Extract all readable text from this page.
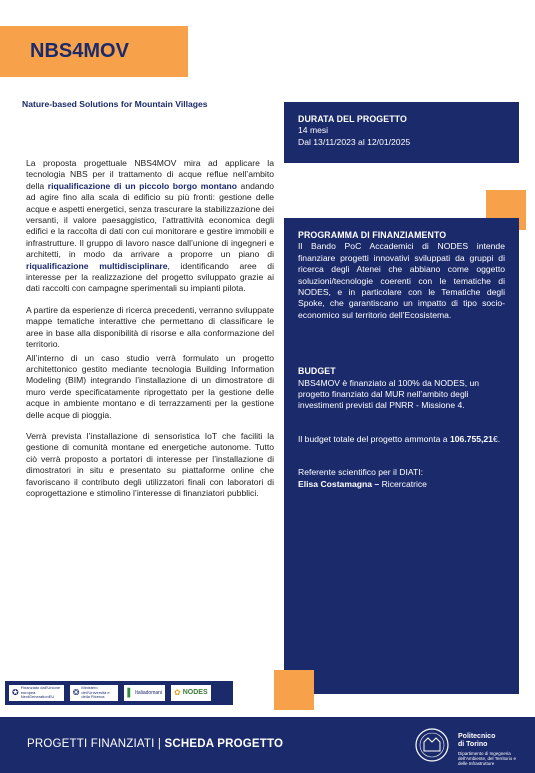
NBS4MOV
Nature-based Solutions for Mountain Villages

La proposta progettuale NBS4MOV mira ad applicare la tecnologia NBS per il trattamento di acque reflue nell’ambito della riqualificazione di un piccolo borgo montano andando ad agire fino alla scala di edificio su più fronti: gestione delle acque e aspetti energetici, senza trascurare la stabilizzazione dei versanti, il valore paesaggistico, l’attrattività economica degli edifici e la raccolta di dati con cui monitorare e gestire immobili e infrastrutture. Il gruppo di lavoro nasce dall’unione di ingegneri e architetti, in modo da arrivare a proporre un piano di riqualificazione multidisciplinare, identificando aree di interesse per la realizzazione del progetto sviluppato grazie ai dati raccolti con campagne sperimentali su impianti pilota.

A partire da esperienze di ricerca precedenti, verranno sviluppate mappe tematiche interattive che permettano di classificare le aree in base alla disponibilità di risorse e alla conformazione del territorio.

All’interno di un caso studio verrà formulato un progetto architettonico gestito mediante tecnologia Building Information Modeling (BIM) integrando l’installazione di un dimostratore di muro verde specificatamente riprogettato per la gestione delle acque in ambiente montano e di terrazzamenti per la gestione delle acque di pioggia.

Verrà prevista l’installazione di sensoristica IoT che faciliti la gestione di comunità montane ed energetiche autonome. Tutto ciò verrà proposto a portatori di interesse per l’installazione di dimostratori in situ e presentato su piattaforme online che favoriscano il contributo degli utilizzatori finali con laboratori di coprogettazione e stimolino l’interesse di finanziatori pubblici.

DURATA DEL PROGETTO

14 mesi

Dal 13/11/2023 al 12/01/2025

PROGRAMMA DI FINANZIAMENTO

Il Bando PoC Accademici di NODES intende finanziare progetti innovativi sviluppati da gruppi di ricerca degli Atenei che abbiano come oggetto soluzioni/tecnologie coerenti con le tematiche di NODES, e in particolare con le Tematiche degli Spoke, che garantiscano un impatto di tipo socio-economico sul territorio dell’Ecosistema.

BUDGET

NBS4MOV è finanziato al 100% da NODES, un progetto finanziato dal MUR nell’ambito degli investimenti previsti dal PNRR - Missione 4.

Il budget totale del progetto ammonta a 106.755,21€.

Referente scientifico per il DIATI:

Elisa Costamagna – Ricercatrice

✪ Finanziato dall’Unione europea NextGenerationEU	❂ Ministero dell’Università e della Ricerca	▌ Italiadomani ✿ NODES
PROGETTI FINANZIATI | SCHEDA PROGETTO
Politecnico
di Torino
Dipartimento di Ingegneria dell’Ambiente, del Territorio e delle Infrastrutture
